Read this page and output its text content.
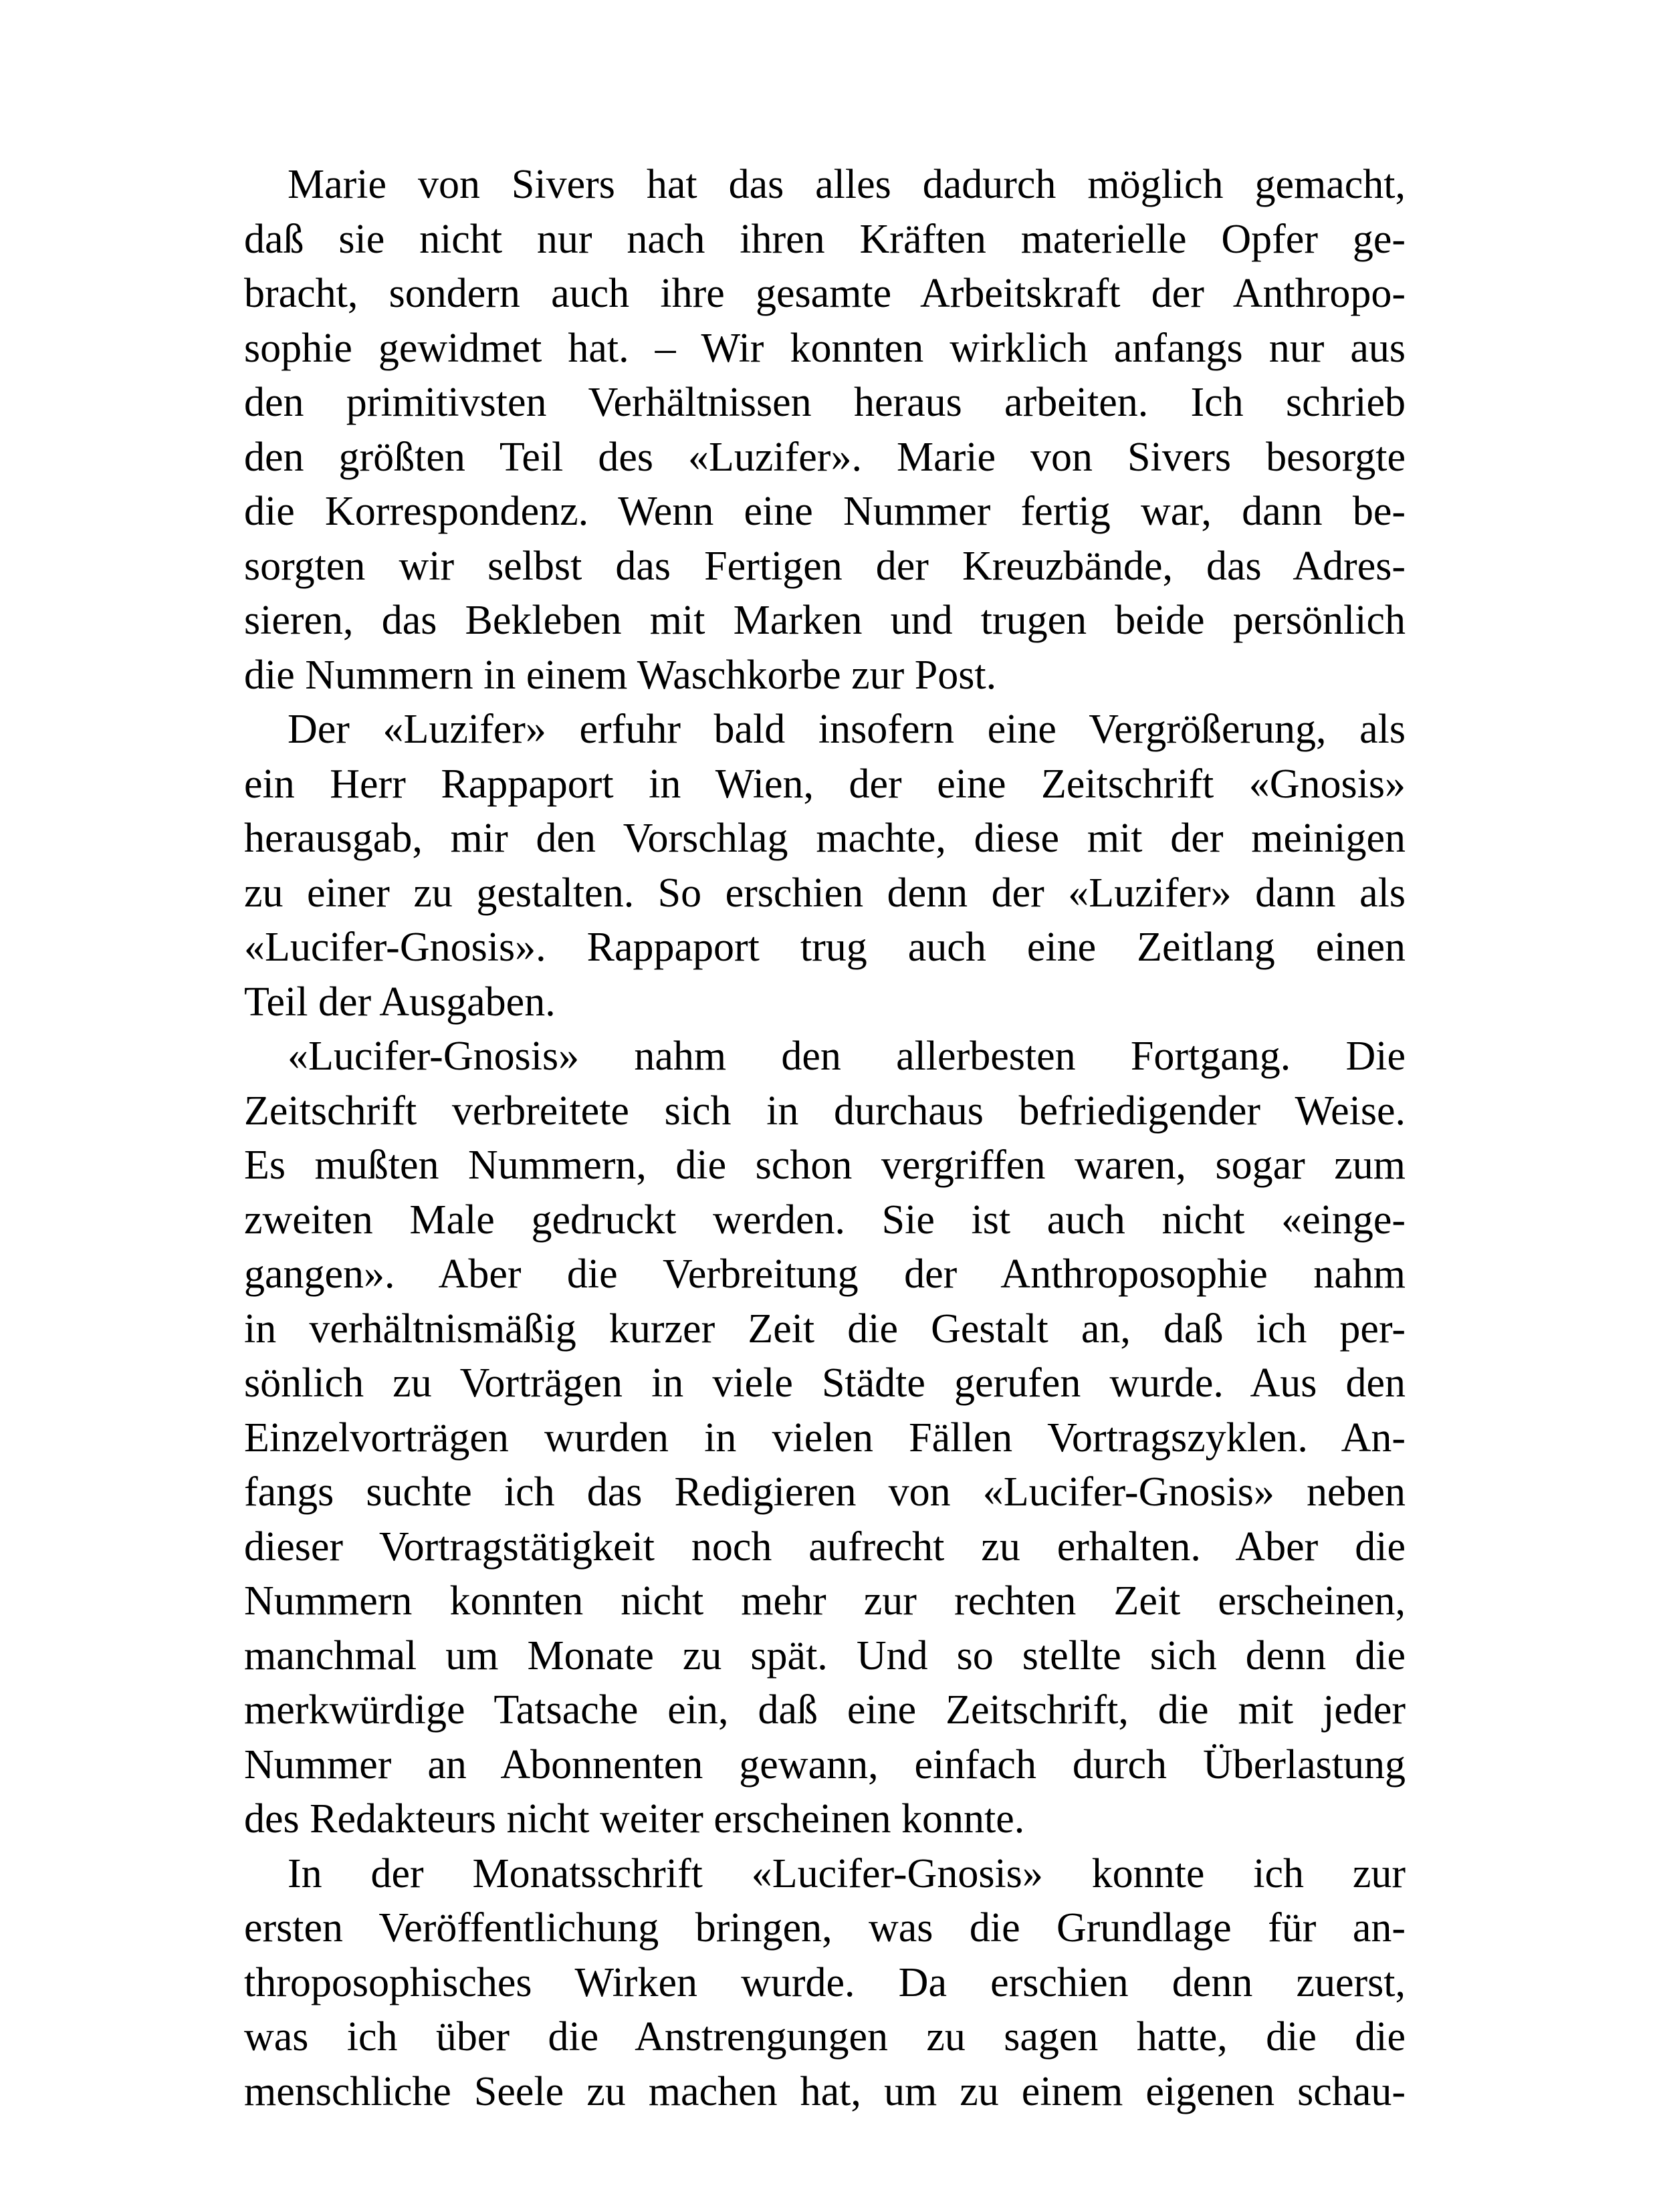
Marie von Sivers hat das alles dadurch möglich gemacht,
daß sie nicht nur nach ihren Kräften materielle Opfer ge-
bracht, sondern auch ihre gesamte Arbeitskraft der Anthropo-
sophie gewidmet hat. – Wir konnten wirklich anfangs nur aus
den primitivsten Verhältnissen heraus arbeiten. Ich schrieb
den größten Teil des «Luzifer». Marie von Sivers besorgte
die Korrespondenz. Wenn eine Nummer fertig war, dann be-
sorgten wir selbst das Fertigen der Kreuzbände, das Adres-
sieren, das Bekleben mit Marken und trugen beide persönlich
die Nummern in einem Waschkorbe zur Post.
Der «Luzifer» erfuhr bald insofern eine Vergrößerung, als
ein Herr Rappaport in Wien, der eine Zeitschrift «Gnosis»
herausgab, mir den Vorschlag machte, diese mit der meinigen
zu einer zu gestalten. So erschien denn der «Luzifer» dann als
«Lucifer-Gnosis». Rappaport trug auch eine Zeitlang einen
Teil der Ausgaben.
«Lucifer-Gnosis» nahm den allerbesten Fortgang. Die
Zeitschrift verbreitete sich in durchaus befriedigender Weise.
Es mußten Nummern, die schon vergriffen waren, sogar zum
zweiten Male gedruckt werden. Sie ist auch nicht «einge-
gangen». Aber die Verbreitung der Anthroposophie nahm
in verhältnismäßig kurzer Zeit die Gestalt an, daß ich per-
sönlich zu Vorträgen in viele Städte gerufen wurde. Aus den
Einzelvorträgen wurden in vielen Fällen Vortragszyklen. An-
fangs suchte ich das Redigieren von «Lucifer-Gnosis» neben
dieser Vortragstätigkeit noch aufrecht zu erhalten. Aber die
Nummern konnten nicht mehr zur rechten Zeit erscheinen,
manchmal um Monate zu spät. Und so stellte sich denn die
merkwürdige Tatsache ein, daß eine Zeitschrift, die mit jeder
Nummer an Abonnenten gewann, einfach durch Überlastung
des Redakteurs nicht weiter erscheinen konnte.
In der Monatsschrift «Lucifer-Gnosis» konnte ich zur
ersten Veröffentlichung bringen, was die Grundlage für an-
throposophisches Wirken wurde. Da erschien denn zuerst,
was ich über die Anstrengungen zu sagen hatte, die die
menschliche Seele zu machen hat, um zu einem eigenen schau-
